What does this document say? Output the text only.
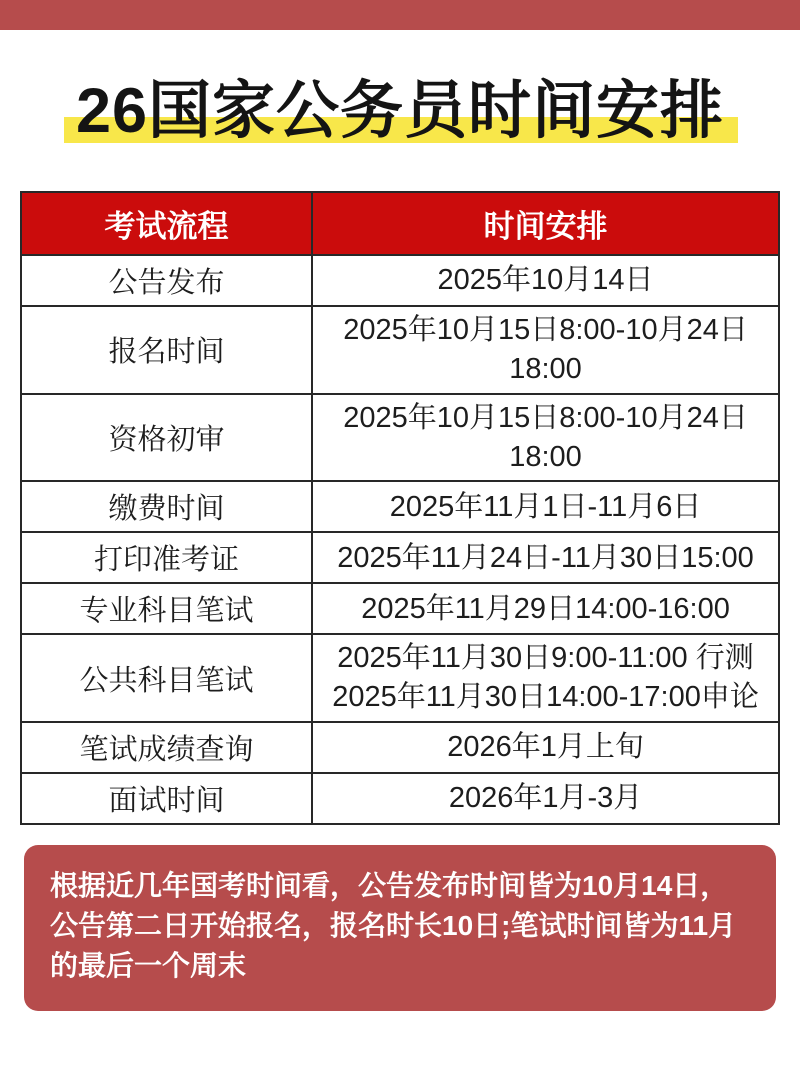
26国家公务员时间安排
考试流程	时间安排
公告发布	2025年10月14日
报名时间	2025年10月15日8:00-10月24日18:00
资格初审	2025年10月15日8:00-10月24日18:00
缴费时间	2025年11月1日-11月6日
打印准考证	2025年11月24日-11月30日15:00
专业科目笔试	2025年11月29日14:00-16:00
公共科目笔试	2025年11月30日9:00-11:00 行测
2025年11月30日14:00-17:00申论
笔试成绩查询	2026年1月上旬
面试时间	2026年1月-3月

根据近几年国考时间看，公告发布时间皆为10月14日，公告第二日开始报名，报名时长10日;笔试时间皆为11月的最后一个周末
